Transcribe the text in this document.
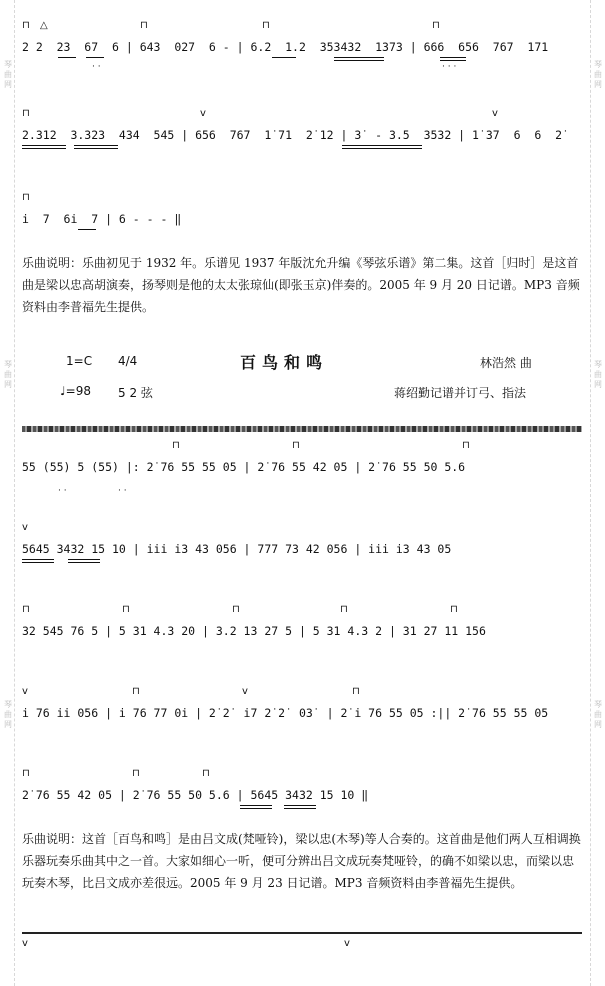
琴
曲
网
琴
曲
网
琴
曲
网
琴
曲
网
琴
曲
网
琴
曲
网
⊓ △	⊓	⊓	⊓
2 2  23  67  6 | 643  027  6 - | 6.2  1.2  353432  1373 | 666  656  767  171
· ·	· · ·
⊓	v	v
2.312  3.323  434  545 | 656  767  1˙71  2˙12 | 3˙ - 3.5  3532 | 1˙37  6  6  2˙
⊓
i  7  6i  7 | 6 - - - ‖
乐曲说明：乐曲初见于 1932 年。乐谱见 1937 年版沈允升编《琴弦乐谱》第二集。这首［归时］是这首曲是梁以忠高胡演奏，扬琴则是他的太太张琼仙(即张玉京)伴奏的。2005 年 9 月 20 日记谱。MP3 音频资料由李普福先生提供。
1=C 4/4	百鸟和鸣	林浩然 曲
♩=98 5 2 弦	蒋绍勤记谱并订弓、指法
⊓	⊓	⊓
55 (55) 5 (55) |: 2˙76 55 55 05 | 2˙76 55 42 05 | 2˙76 55 50 5.6
· ·	· ·
v
5645 3432 15 10 | iii i3 43 056 | 777 73 42 056 | iii i3 43 05
⊓	⊓	⊓	⊓	⊓
32 545 76 5 | 5 31 4.3 20 | 3.2 13 27 5 | 5 31 4.3 2 | 31 27 11 156
v	⊓	v	⊓
i 76 ii 056 | i 76 77 0i | 2˙2˙ i7 2˙2˙ 03˙ | 2˙i 76 55 05 :|| 2˙76 55 55 05
⊓	⊓	⊓
2˙76 55 42 05 | 2˙76 55 50 5.6 | 5645 3432 15 10 ‖
乐曲说明：这首［百鸟和鸣］是由吕文成(梵哑铃)，梁以忠(木琴)等人合奏的。这首曲是他们两人互相调换乐器玩奏乐曲其中之一首。大家如细心一听，便可分辨出吕文成玩奏梵哑铃，的确不如梁以忠，而梁以忠玩奏木琴，比吕文成亦差很远。2005 年 9 月 23 日记谱。MP3 音频资料由李普福先生提供。
v	v
